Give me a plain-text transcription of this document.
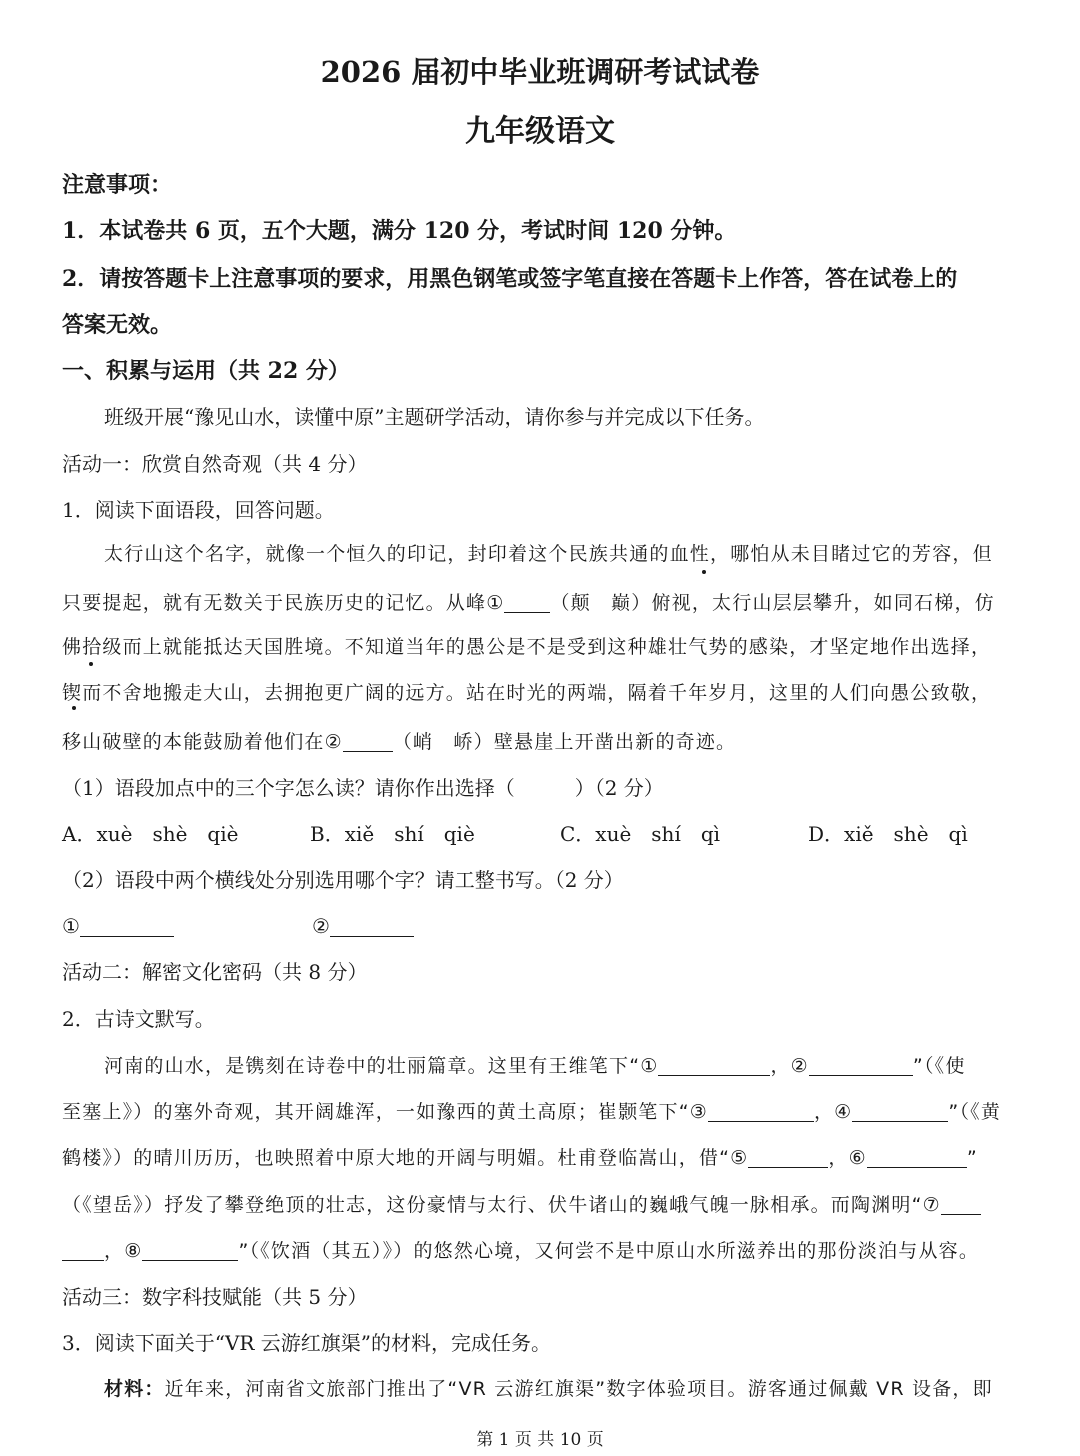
2026 届初中毕业班调研考试试卷
九年级语文
注意事项：
1．本试卷共 6 页，五个大题，满分 120 分，考试时间 120 分钟。
2．请按答题卡上注意事项的要求，用黑色钢笔或签字笔直接在答题卡上作答，答在试卷上的
答案无效。
一、积累与运用（共 22 分）
班级开展“豫见山水，读懂中原”主题研学活动，请你参与并完成以下任务。
活动一：欣赏自然奇观（共 4 分）
1．阅读下面语段，回答问题。
太行山这个名字，就像一个恒久的印记，封印着这个民族共通的血性，哪怕从未目睹过它的芳容，但
只要提起，就有无数关于民族历史的记忆。从峰① （颠　巅）俯视，太行山层层攀升，如同石梯，仿
佛拾级而上就能抵达天国胜境。不知道当年的愚公是不是受到这种雄壮气势的感染，才坚定地作出选择，
锲而不舍地搬走大山，去拥抱更广阔的远方。站在时光的两端，隔着千年岁月，这里的人们向愚公致敬，
移山破壁的本能鼓励着他们在②	（峭　峤）壁悬崖上开凿出新的奇迹。
（1）语段加点中的三个字怎么读？请你作出选择（　　　）（2 分）
A．xuè　shè　qiè	B．xiě　shí　qiè	C．xuè　shí　qì	D．xiě　shè　qì
（2）语段中两个横线处分别选用哪个字？请工整书写。（2 分）
①	②
活动二：解密文化密码（共 8 分）
2．古诗文默写。
河南的山水，是镌刻在诗卷中的壮丽篇章。这里有王维笔下“①	，②	”（《使
至塞上》）的塞外奇观，其开阔雄浑，一如豫西的黄土高原；崔颢笔下“③	，④	”（《黄
鹤楼》）的晴川历历，也映照着中原大地的开阔与明媚。杜甫登临嵩山，借“⑤	，⑥	”
（《望岳》）抒发了攀登绝顶的壮志，这份豪情与太行、伏牛诸山的巍峨气魄一脉相承。而陶渊明“⑦
，⑧	”（《饮酒（其五）》）的悠然心境，又何尝不是中原山水所滋养出的那份淡泊与从容。
活动三：数字科技赋能（共 5 分）
3．阅读下面关于“VR 云游红旗渠”的材料，完成任务。
材料：近年来，河南省文旅部门推出了“VR 云游红旗渠”数字体验项目。游客通过佩戴 VR 设备，即
第 1 页 共 10 页
